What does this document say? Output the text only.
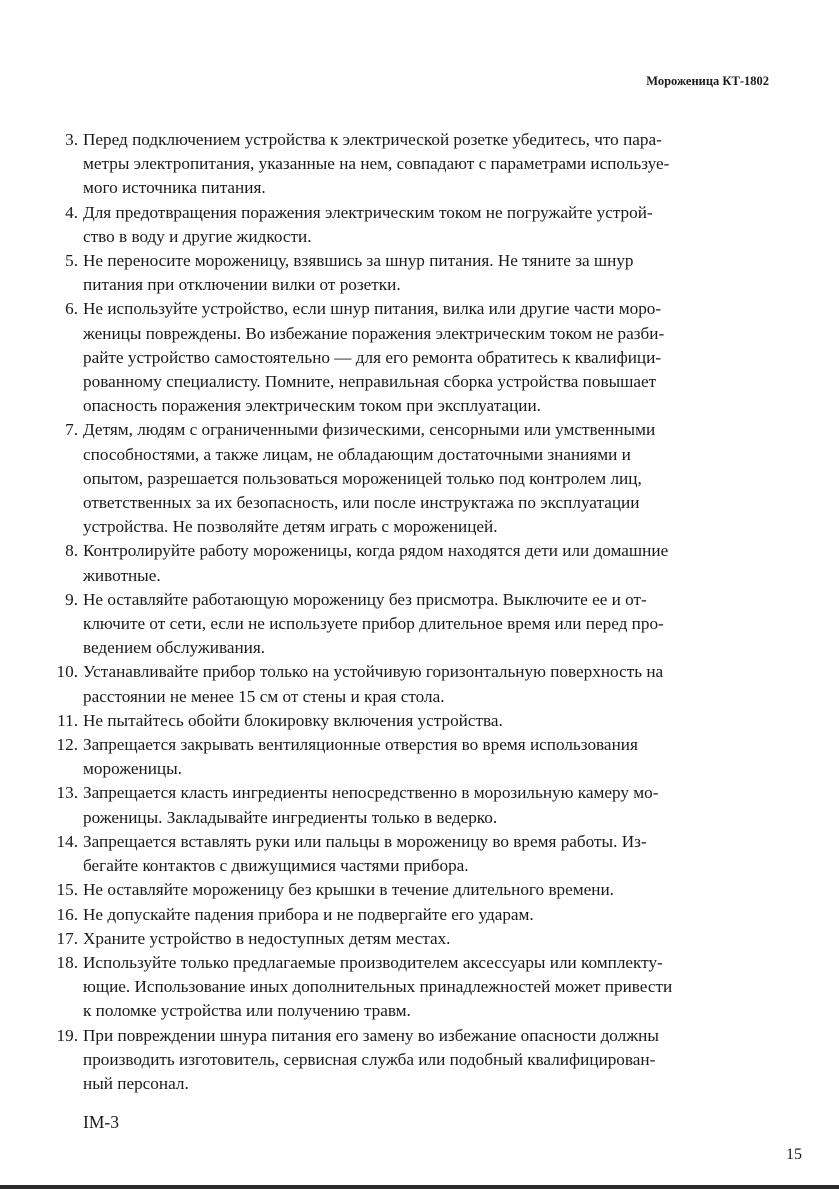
Мороженица КТ-1802
3. Перед подключением устройства к электрической розетке убедитесь, что пара-
метры электропитания, указанные на нем, совпадают с параметрами используе-
мого источника питания.
4. Для предотвращения поражения электрическим током не погружайте устрой-
ство в воду и другие жидкости.
5. Не переносите мороженицу, взявшись за шнур питания. Не тяните за шнур
питания при отключении вилки от розетки.
6. Не используйте устройство, если шнур питания, вилка или другие части моро-
женицы повреждены. Во избежание поражения электрическим током не разби-
райте устройство самостоятельно — для его ремонта обратитесь к квалифици-
рованному специалисту. Помните, неправильная сборка устройства повышает
опасность поражения электрическим током при эксплуатации.
7. Детям, людям с ограниченными физическими, сенсорными или умственными
способностями, а также лицам, не обладающим достаточными знаниями и
опытом, разрешается пользоваться мороженицей только под контролем лиц,
ответственных за их безопасность, или после инструктажа по эксплуатации
устройства. Не позволяйте детям играть с мороженицей.
8. Контролируйте работу мороженицы, когда рядом находятся дети или домашние
животные.
9. Не оставляйте работающую мороженицу без присмотра. Выключите ее и от-
ключите от сети, если не используете прибор длительное время или перед про-
ведением обслуживания.
10. Устанавливайте прибор только на устойчивую горизонтальную поверхность на
расстоянии не менее 15 см от стены и края стола.
11. Не пытайтесь обойти блокировку включения устройства.
12. Запрещается закрывать вентиляционные отверстия во время использования
мороженицы.
13. Запрещается класть ингредиенты непосредственно в морозильную камеру мо-
роженицы. Закладывайте ингредиенты только в ведерко.
14. Запрещается вставлять руки или пальцы в мороженицу во время работы. Из-
бегайте контактов с движущимися частями прибора.
15. Не оставляйте мороженицу без крышки в течение длительного времени.
16. Не допускайте падения прибора и не подвергайте его ударам.
17. Храните устройство в недоступных детям местах.
18. Используйте только предлагаемые производителем аксессуары или комплекту-
ющие. Использование иных дополнительных принадлежностей может привести
к поломке устройства или получению травм.
19. При повреждении шнура питания его замену во избежание опасности должны
производить изготовитель, сервисная служба или подобный квалифицирован-
ный персонал.
IM-3
15
